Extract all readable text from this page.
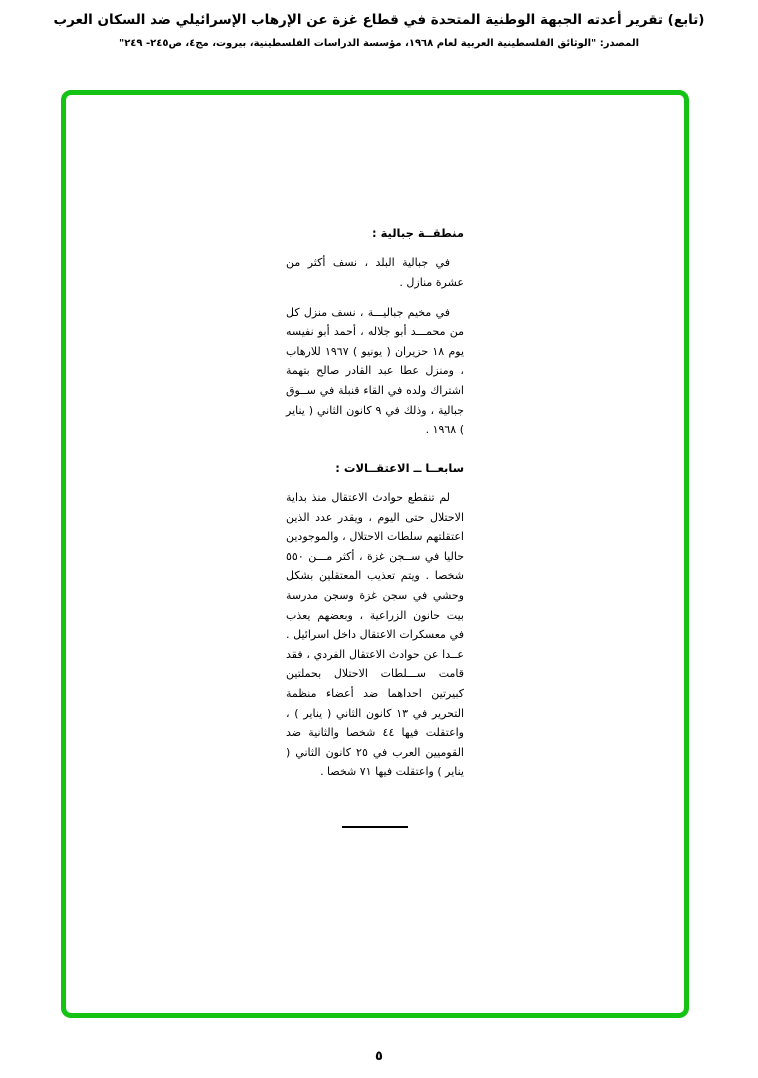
(تابع) تقرير أعدته الجبهة الوطنية المتحدة في قطاع غزة عن الإرهاب الإسرائيلي ضد السكان العرب
المصدر: "الوثائق الفلسطينية العربية لعام ١٩٦٨، مؤسسة الدراسات الفلسطينية، بيروت، مج٤، ص٢٤٥- ٢٤٩"
منطقــة جبالية :

في جبالية البلد ، نسف أكثر من عشرة منازل .

في مخيم جباليـــة ، نسف منزل كل من محمـــد أبو جلاله ، أحمد أبو نفيسه يوم ١٨ حزيران ( يونيو ) ١٩٦٧ للارهاب ، ومنزل عطا عبد القادر صالح بتهمة اشتراك ولده في القاء قنبلة في ســوق جبالية ، وذلك في ٩ كانون الثاني ( يناير ) ١٩٦٨ .

سابعــا ــ الاعتقــالات :

لم تنقطع حوادث الاعتقال منذ بداية الاحتلال حتى اليوم ، ويقدر عدد الذين اعتقلتهم سلطات الاحتلال ، والموجودين حاليا في ســجن غزة ، أكثر مـــن ٥٥٠ شخصا . ويتم تعذيب المعتقلين بشكل وحشي في سجن غزة وسجن مدرسة بيت حانون الزراعية ، وبعضهم يعذب في معسكرات الاعتقال داخل اسرائيل . عــدا عن حوادث الاعتقال الفردي ، فقد قامت ســـلطات الاحتلال بحملتين كبيرتين احداهما ضد أعضاء منظمة التحرير في ١٣ كانون الثاني ( يناير ) ، واعتقلت فيها ٤٤ شخصا والثانية ضد القوميين العرب في ٢٥ كانون الثاني ( يناير ) واعتقلت فيها ٧١ شخصا .

٥
